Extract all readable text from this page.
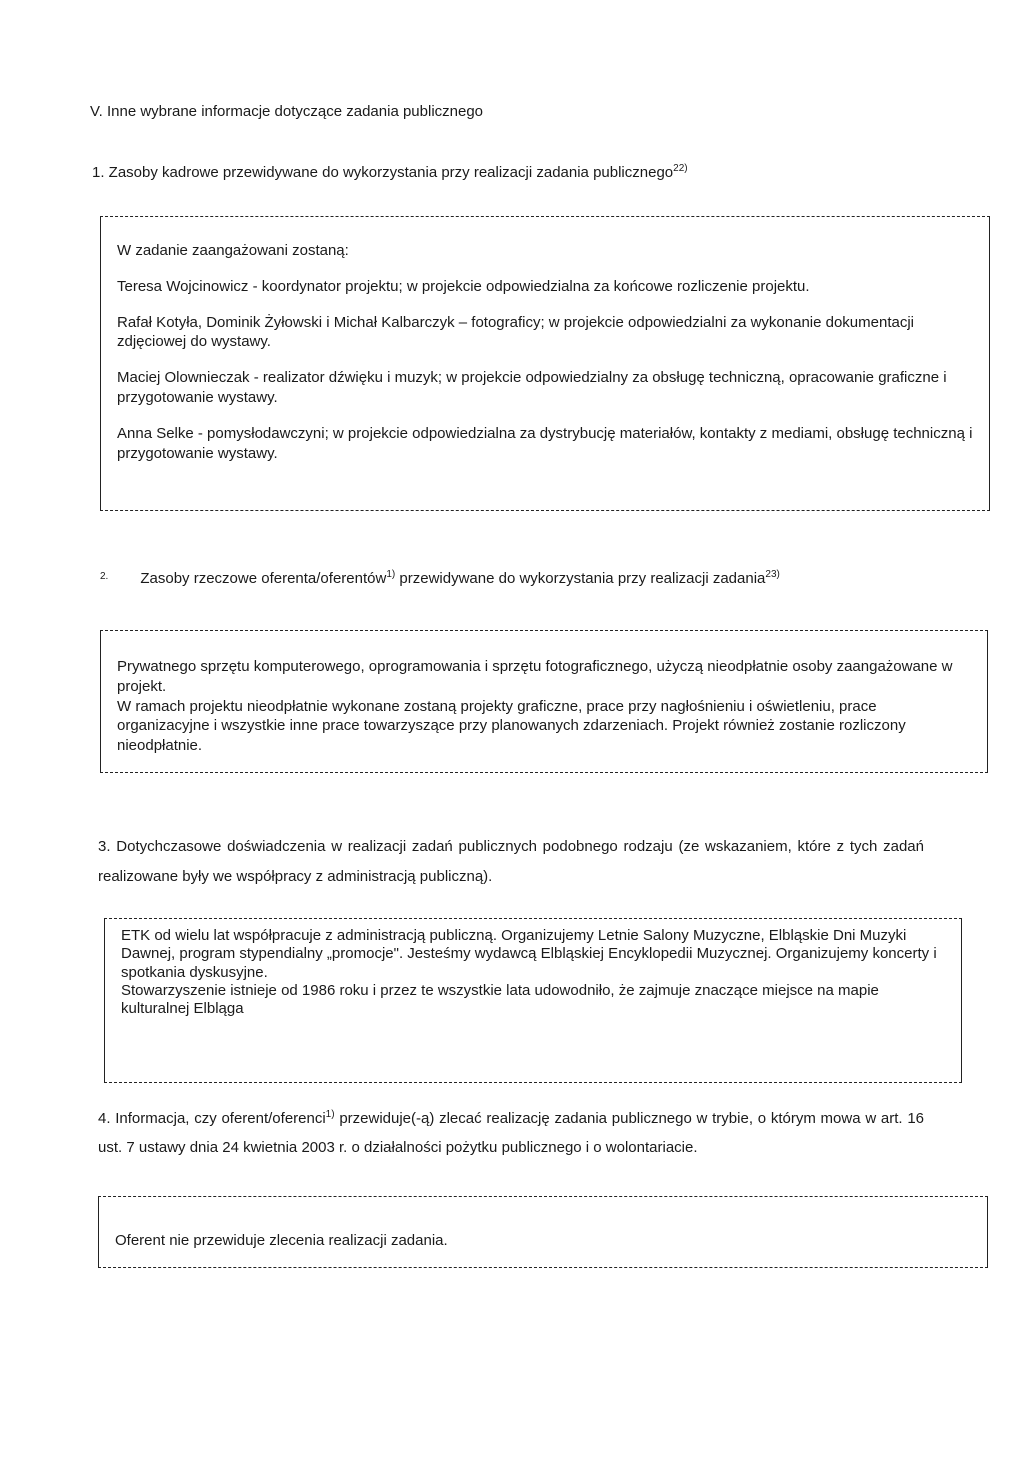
V. Inne wybrane informacje dotyczące zadania publicznego
1. Zasoby kadrowe przewidywane do wykorzystania przy realizacji zadania publicznego$^{22)}$
W zadanie zaangażowani zostaną:
Teresa Wojcinowicz - koordynator projektu; w projekcie odpowiedzialna za końcowe rozliczenie projektu.
Rafał Kotyła, Dominik Żyłowski i Michał Kalbarczyk – fotograficy; w projekcie odpowiedzialni za wykonanie dokumentacji zdjęciowej do wystawy.
Maciej Olownieczak - realizator dźwięku i muzyk; w projekcie odpowiedzialny za obsługę techniczną, opracowanie graficzne i przygotowanie wystawy.
Anna Selke - pomysłodawczyni; w projekcie odpowiedzialna za dystrybucję materiałów, kontakty z mediami, obsługę techniczną i przygotowanie wystawy.
$^{2.}$ Zasoby rzeczowe oferenta/oferentów$^{1)}$ przewidywane do wykorzystania przy realizacji zadania$^{23)}$
Prywatnego sprzętu komputerowego, oprogramowania i sprzętu fotograficznego, użyczą nieodpłatnie osoby zaangażowane w projekt.
W ramach projektu nieodpłatnie wykonane zostaną projekty graficzne, prace przy nagłośnieniu i oświetleniu, prace organizacyjne i wszystkie inne prace towarzyszące przy planowanych zdarzeniach. Projekt również zostanie rozliczony nieodpłatnie.
3. Dotychczasowe doświadczenia w realizacji zadań publicznych podobnego rodzaju (ze wskazaniem, które z tych zadań realizowane były we współpracy z administracją publiczną).
ETK od wielu lat współpracuje z administracją publiczną. Organizujemy Letnie Salony Muzyczne, Elbląskie Dni Muzyki Dawnej, program stypendialny „promocje". Jesteśmy wydawcą Elbląskiej Encyklopedii Muzycznej. Organizujemy koncerty i spotkania dyskusyjne.
Stowarzyszenie istnieje od 1986 roku i przez te wszystkie lata udowodniło, że zajmuje znaczące miejsce na mapie kulturalnej Elbląga
4. Informacja, czy oferent/oferenci$^{1)}$ przewiduje(-ą) zlecać realizację zadania publicznego w trybie, o którym mowa w art. 16 ust. 7 ustawy dnia 24 kwietnia 2003 r. o działalności pożytku publicznego i o wolontariacie.
Oferent nie przewiduje zlecenia realizacji zadania.
